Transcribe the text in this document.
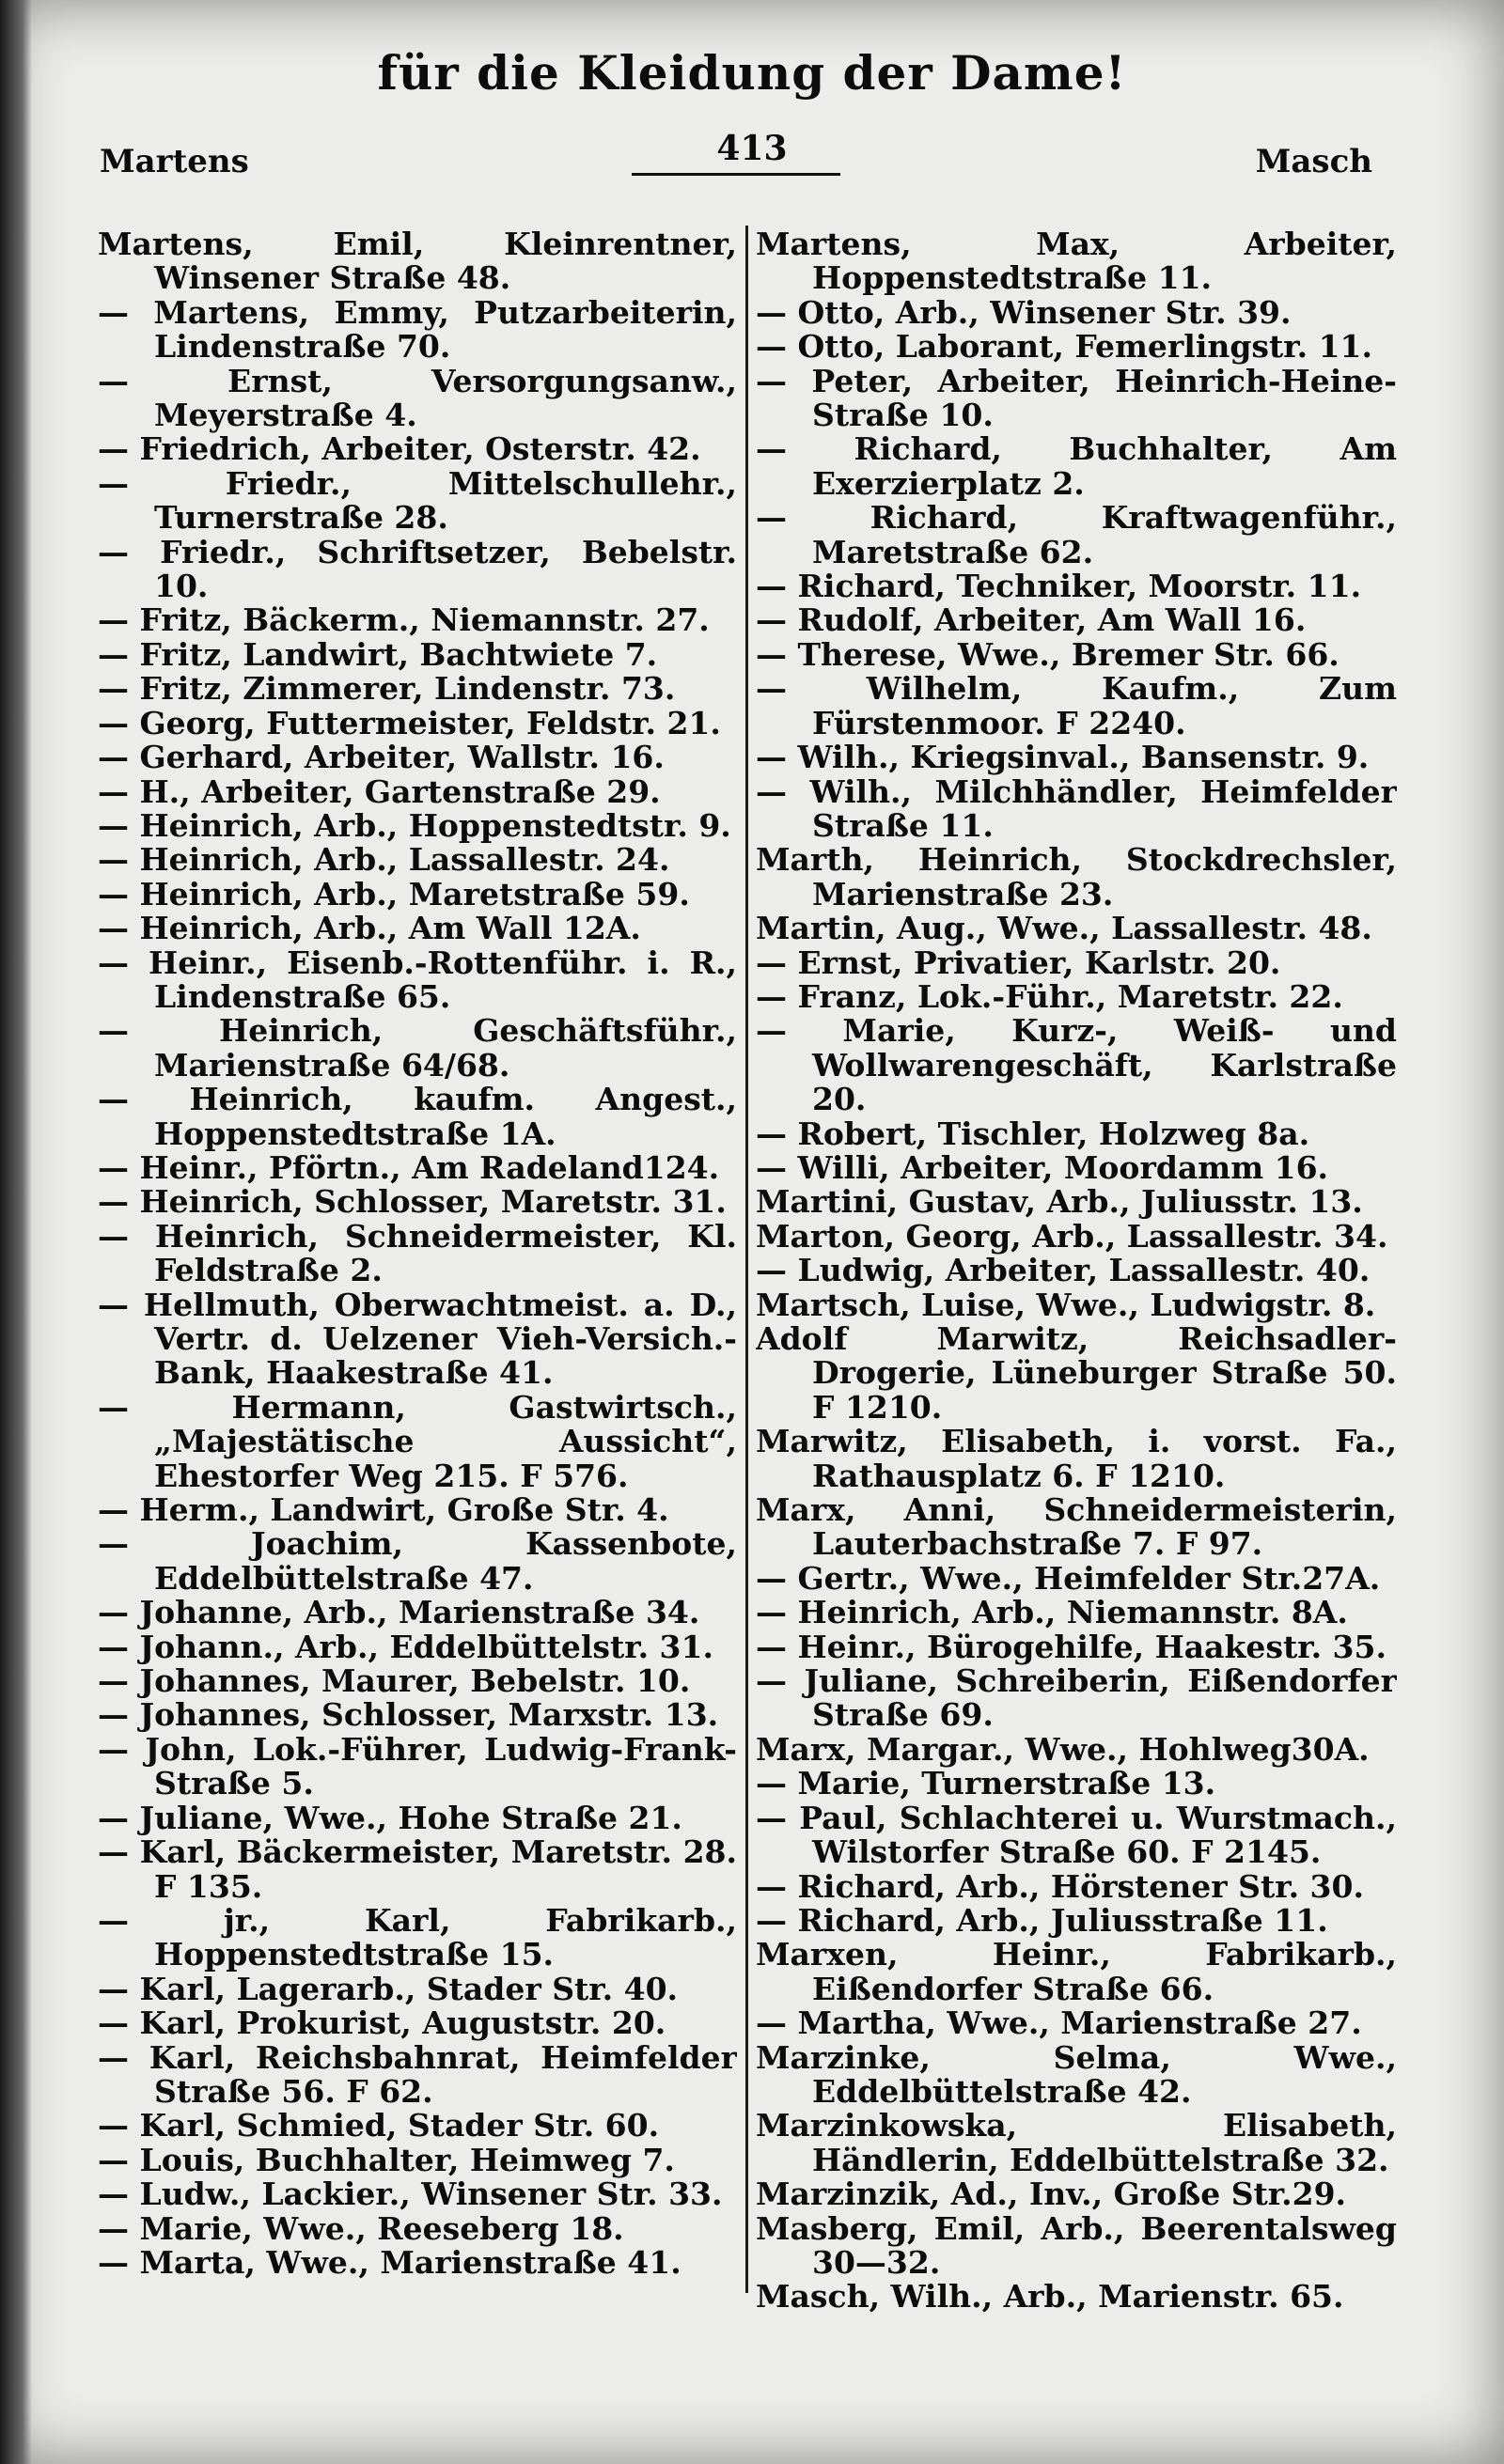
für die Kleidung der Dame!
Martens	413	Masch
Martens, Emil, Kleinrentner, Winsener Straße 48.
— Martens, Emmy, Putzarbeiterin, Lindenstraße 70.
— Ernst, Versorgungsanw., Meyerstraße 4.
— Friedrich, Arbeiter, Osterstr. 42.
— Friedr., Mittelschullehr., Turnerstraße 28.
— Friedr., Schriftsetzer, Bebelstr. 10.
— Fritz, Bäckerm., Niemannstr. 27.
— Fritz, Landwirt, Bachtwiete 7.
— Fritz, Zimmerer, Lindenstr. 73.
— Georg, Futtermeister, Feldstr. 21.
— Gerhard, Arbeiter, Wallstr. 16.
— H., Arbeiter, Gartenstraße 29.
— Heinrich, Arb., Hoppenstedtstr. 9.
— Heinrich, Arb., Lassallestr. 24.
— Heinrich, Arb., Maretstraße 59.
— Heinrich, Arb., Am Wall 12A.
— Heinr., Eisenb.-Rottenführ. i. R., Lindenstraße 65.
— Heinrich, Geschäftsführ., Marienstraße 64/68.
— Heinrich, kaufm. Angest., Hoppenstedtstraße 1A.
— Heinr., Pförtn., Am Radeland124.
— Heinrich, Schlosser, Maretstr. 31.
— Heinrich, Schneidermeister, Kl. Feldstraße 2.
— Hellmuth, Oberwachtmeist. a. D., Vertr. d. Uelzener Vieh-Versich.-Bank, Haakestraße 41.
— Hermann, Gastwirtsch., „Majestätische Aussicht“, Ehestorfer Weg 215. F 576.
— Herm., Landwirt, Große Str. 4.
— Joachim, Kassenbote, Eddelbüttelstraße 47.
— Johanne, Arb., Marienstraße 34.
— Johann., Arb., Eddelbüttelstr. 31.
— Johannes, Maurer, Bebelstr. 10.
— Johannes, Schlosser, Marxstr. 13.
— John, Lok.-Führer, Ludwig-Frank-Straße 5.
— Juliane, Wwe., Hohe Straße 21.
— Karl, Bäckermeister, Maretstr. 28. F 135.
— jr., Karl, Fabrikarb., Hoppenstedtstraße 15.
— Karl, Lagerarb., Stader Str. 40.
— Karl, Prokurist, Auguststr. 20.
— Karl, Reichsbahnrat, Heimfelder Straße 56. F 62.
— Karl, Schmied, Stader Str. 60.
— Louis, Buchhalter, Heimweg 7.
— Ludw., Lackier., Winsener Str. 33.
— Marie, Wwe., Reeseberg 18.
— Marta, Wwe., Marienstraße 41.
Martens, Max, Arbeiter, Hoppenstedtstraße 11.
— Otto, Arb., Winsener Str. 39.
— Otto, Laborant, Femerlingstr. 11.
— Peter, Arbeiter, Heinrich-Heine-Straße 10.
— Richard, Buchhalter, Am Exerzierplatz 2.
— Richard, Kraftwagenführ., Maretstraße 62.
— Richard, Techniker, Moorstr. 11.
— Rudolf, Arbeiter, Am Wall 16.
— Therese, Wwe., Bremer Str. 66.
— Wilhelm, Kaufm., Zum Fürstenmoor. F 2240.
— Wilh., Kriegsinval., Bansenstr. 9.
— Wilh., Milchhändler, Heimfelder Straße 11.
Marth, Heinrich, Stockdrechsler, Marienstraße 23.
Martin, Aug., Wwe., Lassallestr. 48.
— Ernst, Privatier, Karlstr. 20.
— Franz, Lok.-Führ., Maretstr. 22.
— Marie, Kurz-, Weiß- und Wollwarengeschäft, Karlstraße 20.
— Robert, Tischler, Holzweg 8a.
— Willi, Arbeiter, Moordamm 16.
Martini, Gustav, Arb., Juliusstr. 13.
Marton, Georg, Arb., Lassallestr. 34.
— Ludwig, Arbeiter, Lassallestr. 40.
Martsch, Luise, Wwe., Ludwigstr. 8.
Adolf Marwitz, Reichsadler-Drogerie, Lüneburger Straße 50. F 1210.
Marwitz, Elisabeth, i. vorst. Fa., Rathausplatz 6. F 1210.
Marx, Anni, Schneidermeisterin, Lauterbachstraße 7. F 97.
— Gertr., Wwe., Heimfelder Str.27A.
— Heinrich, Arb., Niemannstr. 8A.
— Heinr., Bürogehilfe, Haakestr. 35.
— Juliane, Schreiberin, Eißendorfer Straße 69.
Marx, Margar., Wwe., Hohlweg30A.
— Marie, Turnerstraße 13.
— Paul, Schlachterei u. Wurstmach., Wilstorfer Straße 60. F 2145.
— Richard, Arb., Hörstener Str. 30.
— Richard, Arb., Juliusstraße 11.
Marxen, Heinr., Fabrikarb., Eißendorfer Straße 66.
— Martha, Wwe., Marienstraße 27.
Marzinke, Selma, Wwe., Eddelbüttelstraße 42.
Marzinkowska, Elisabeth, Händlerin, Eddelbüttelstraße 32.
Marzinzik, Ad., Inv., Große Str.29.
Masberg, Emil, Arb., Beerentalsweg 30—32.
Masch, Wilh., Arb., Marienstr. 65.
